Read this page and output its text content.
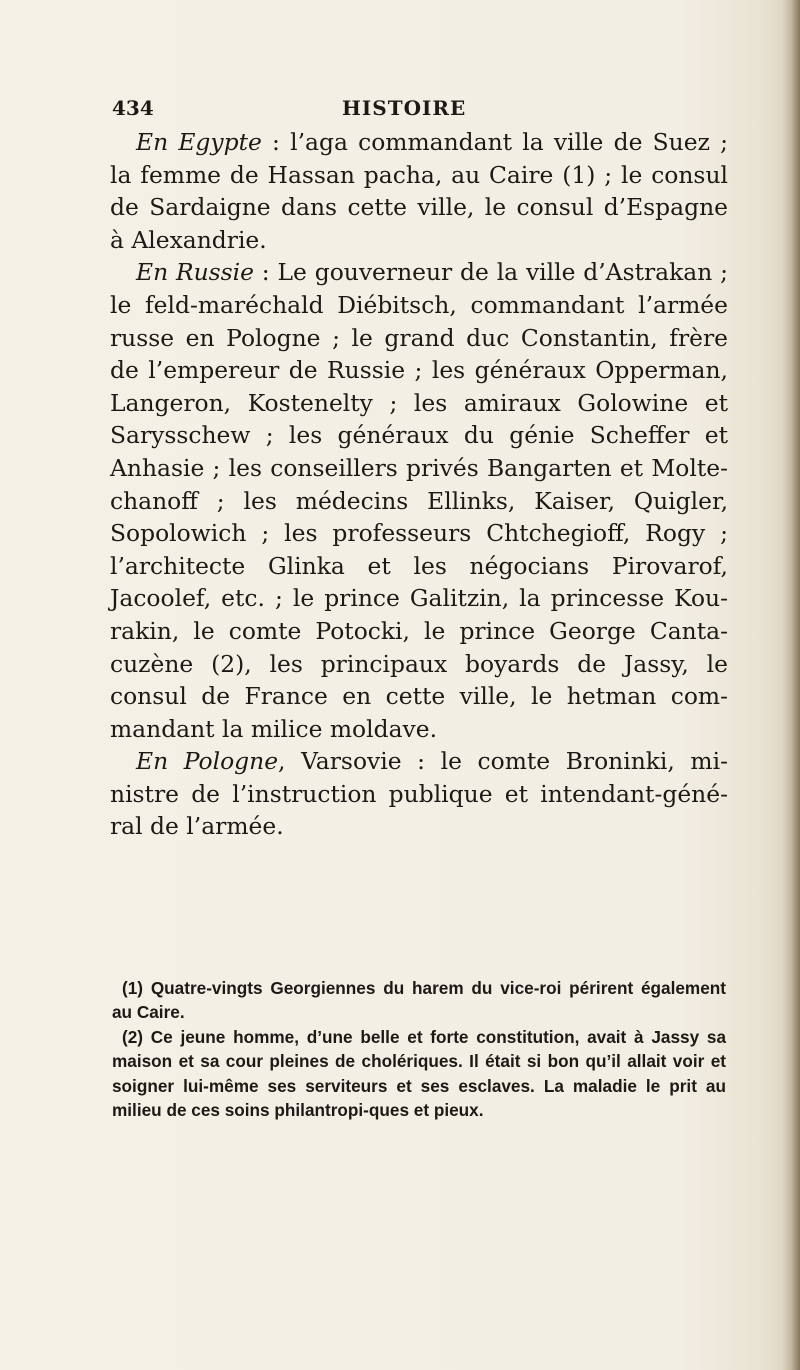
434	HISTOIRE

En Egypte : l’aga commandant la ville de Suez ; la femme de Hassan pacha, au Caire (1) ; le consul de Sardaigne dans cette ville, le consul d’Espagne à Alexandrie.

En Russie : Le gouverneur de la ville d’Astrakan ; le feld-maréchald Diébitsch, commandant l’armée russe en Pologne ; le grand duc Constantin, frère de l’empereur de Russie ; les généraux Opperman, Langeron, Kostenelty ; les amiraux Golowine et Sarysschew ; les généraux du génie Scheffer et Anhasie ; les conseillers privés Bangarten et Molte-chanoff ; les médecins Ellinks, Kaiser, Quigler, Sopolowich ; les professeurs Chtchegioff, Rogy ; l’architecte Glinka et les négocians Pirovarof, Jacoolef, etc. ; le prince Galitzin, la princesse Kou-rakin, le comte Potocki, le prince George Canta-cuzène (2), les principaux boyards de Jassy, le consul de France en cette ville, le hetman com-mandant la milice moldave.

En Pologne, Varsovie : le comte Broninki, mi-nistre de l’instruction publique et intendant-géné-ral de l’armée.

(1) Quatre-vingts Georgiennes du harem du vice-roi périrent également au Caire.

(2) Ce jeune homme, d’une belle et forte constitution, avait à Jassy sa maison et sa cour pleines de cholériques. Il était si bon qu’il allait voir et soigner lui-même ses serviteurs et ses esclaves. La maladie le prit au milieu de ces soins philantropi-ques et pieux.
